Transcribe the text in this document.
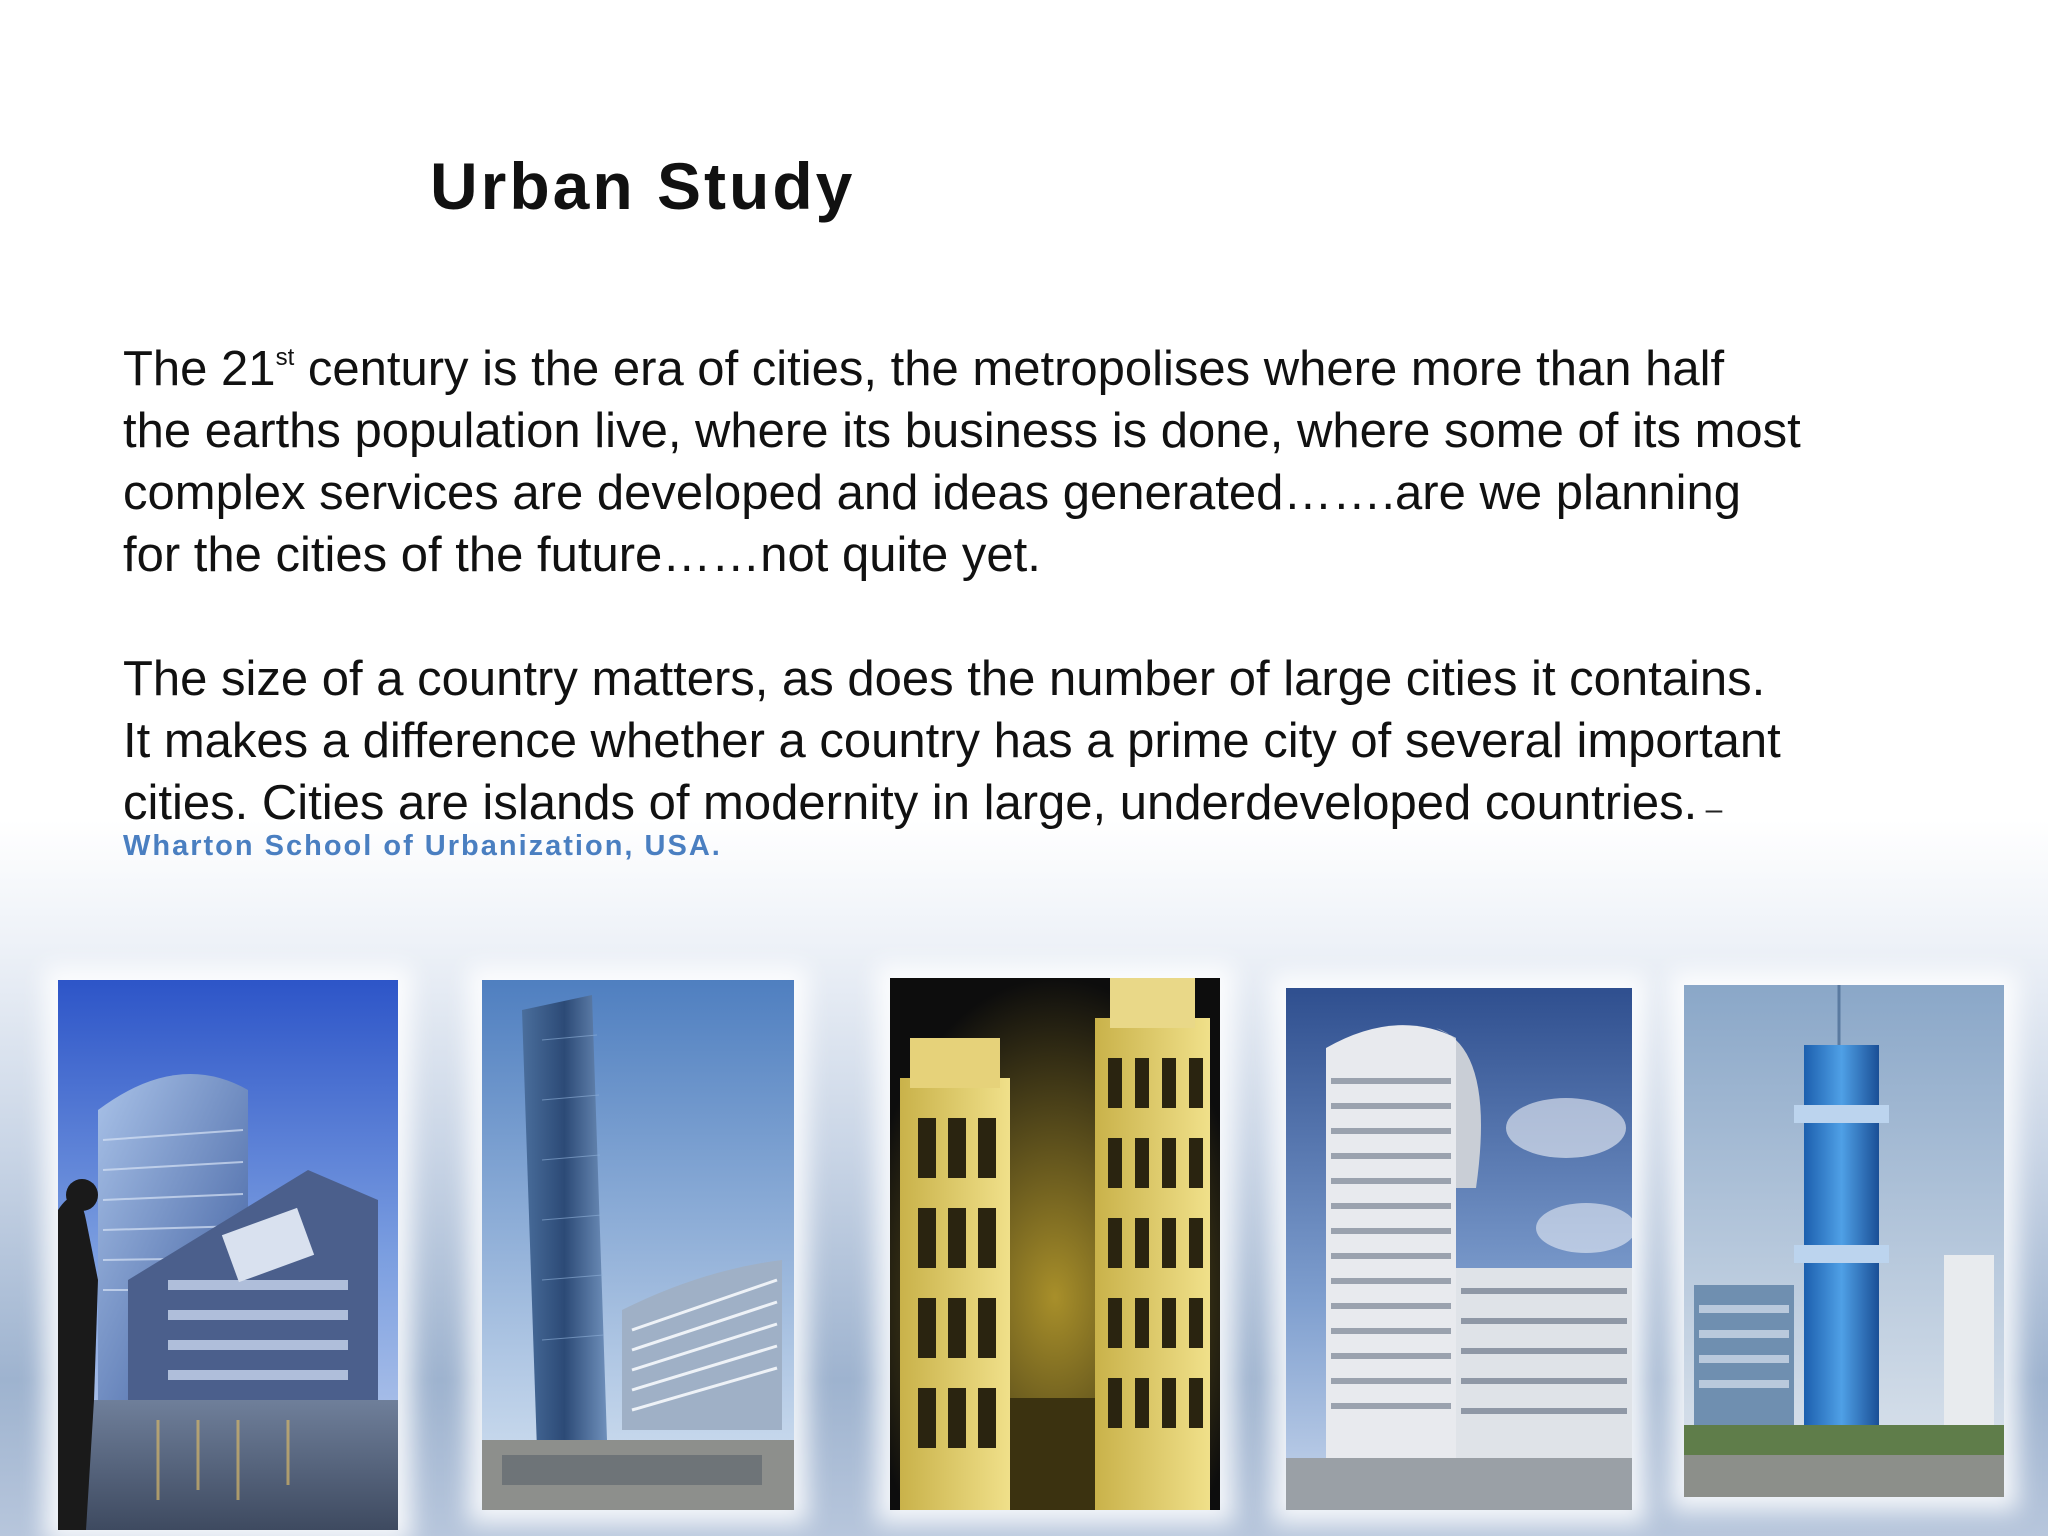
Urban Study
The 21st century is the era of cities, the metropolises where more than half
the earths population live, where its business is done, where some of its most
complex services are developed and ideas generated…….are we planning
for the cities of the future……not quite yet.
The size of a country matters, as does the number of large cities it contains.
It makes a difference whether a country has a prime city of several important
cities. Cities are islands of modernity in large, underdeveloped countries. –
Wharton School of Urbanization, USA.
